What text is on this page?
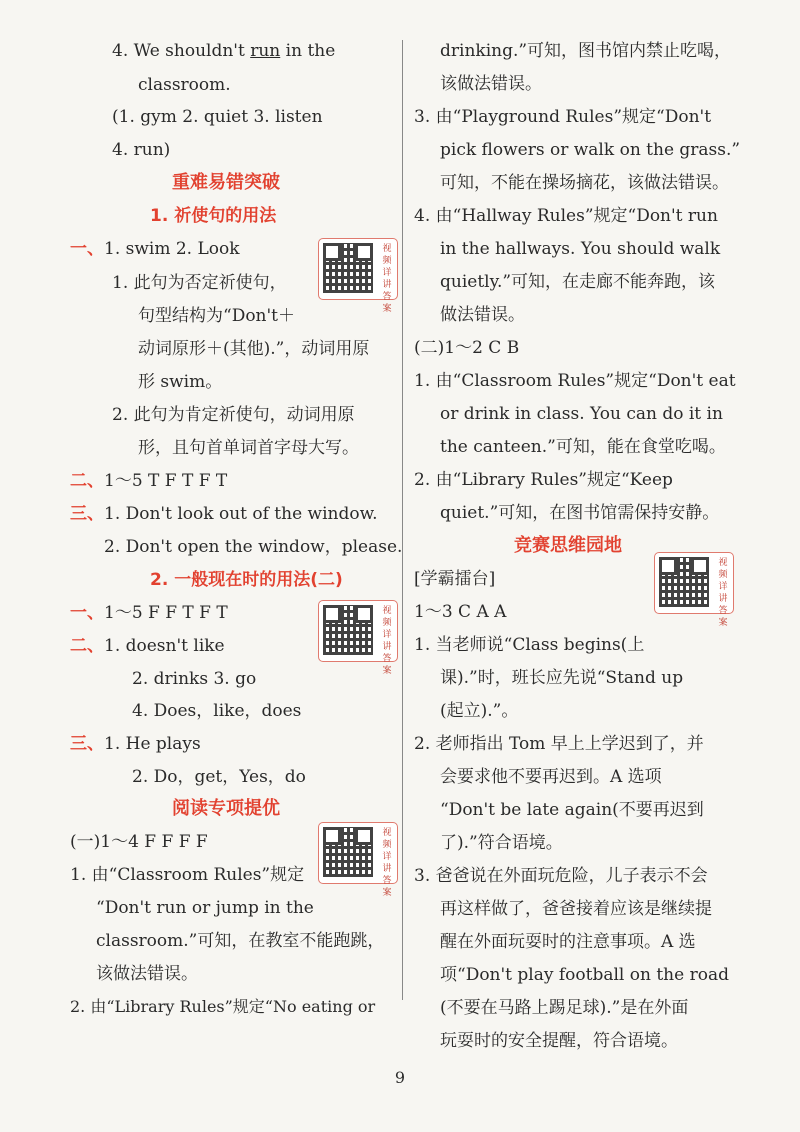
4. We shouldn't run in the
classroom.
(1. gym 2. quiet 3. listen
4. run)
重难易错突破
1. 祈使句的用法
一、 1. swim 2. Look	视频详讲答案
1. 此句为否定祈使句，
句型结构为“Don't＋
动词原形＋(其他).”，动词用原
形 swim。
2. 此句为肯定祈使句，动词用原
形，且句首单词首字母大写。
二、 1～5 T F T F T
三、 1. Don't look out of the window.
2. Don't open the window，please.
2. 一般现在时的用法(二)
一、 1～5 F F T F T	视频详讲答案
二、 1. doesn't like
2. drinks 3. go
4. Does，like，does
三、 1. He plays
2. Do，get，Yes，do
阅读专项提优
(一)1～4 F F F F	视频详讲答案
1. 由“Classroom Rules”规定
“Don't run or jump in the
classroom.”可知，在教室不能跑跳，
该做法错误。
2. 由“Library Rules”规定“No eating or
drinking.”可知，图书馆内禁止吃喝，
该做法错误。
3. 由“Playground Rules”规定“Don't
pick flowers or walk on the grass.”
可知，不能在操场摘花，该做法错误。
4. 由“Hallway Rules”规定“Don't run
in the hallways. You should walk
quietly.”可知，在走廊不能奔跑，该
做法错误。
(二)1～2 C B
1. 由“Classroom Rules”规定“Don't eat
or drink in class. You can do it in
the canteen.”可知，能在食堂吃喝。
2. 由“Library Rules”规定“Keep
quiet.”可知，在图书馆需保持安静。
竞赛思维园地
[学霸擂台]
视频详讲答案
1～3 C A A
1. 当老师说“Class begins(上
课).”时，班长应先说“Stand up
(起立).”。
2. 老师指出 Tom 早上上学迟到了，并
会要求他不要再迟到。A 选项
“Don't be late again(不要再迟到
了).”符合语境。
3. 爸爸说在外面玩危险，儿子表示不会
再这样做了，爸爸接着应该是继续提
醒在外面玩耍时的注意事项。A 选
项“Don't play football on the road
(不要在马路上踢足球).”是在外面
玩耍时的安全提醒，符合语境。
9
